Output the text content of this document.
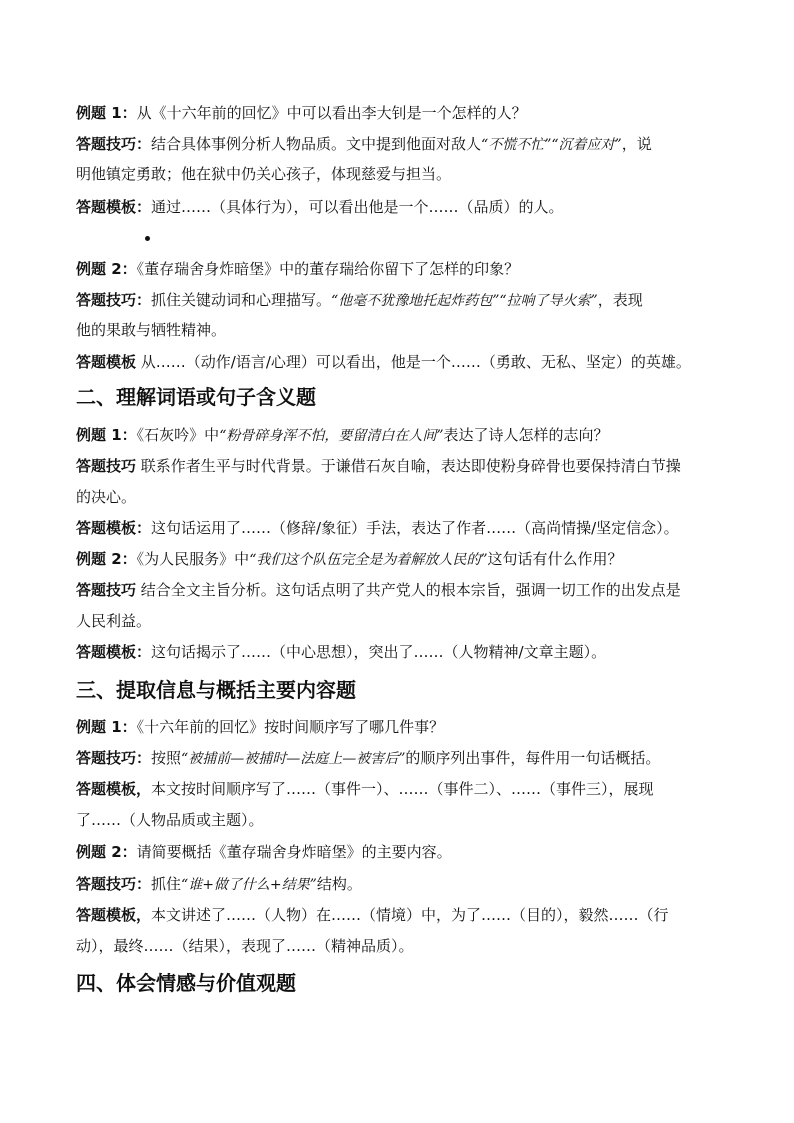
例题 1：从《十六年前的回忆》中可以看出李大钊是一个怎样的人？
答题技巧：结合具体事例分析人物品质。文中提到他面对敌人“不慌不忙”“沉着应对”，说
明他镇定勇敢；他在狱中仍关心孩子，体现慈爱与担当。
答题模板：通过……（具体行为），可以看出他是一个……（品质）的人。
例题 2：《董存瑞舍身炸暗堡》中的董存瑞给你留下了怎样的印象？
答题技巧：抓住关键动词和心理描写。“他毫不犹豫地托起炸药包”“拉响了导火索”，表现
他的果敢与牺牲精神。
答题模板 从……（动作/语言/心理）可以看出，他是一个……（勇敢、无私、坚定）的英雄。
二、理解词语或句子含义题
例题 1：《石灰吟》中“粉骨碎身浑不怕，要留清白在人间”表达了诗人怎样的志向？
答题技巧 联系作者生平与时代背景。于谦借石灰自喻，表达即使粉身碎骨也要保持清白节操
的决心。
答题模板：这句话运用了……（修辞/象征）手法，表达了作者……（高尚情操/坚定信念）。
例题 2：《为人民服务》中“我们这个队伍完全是为着解放人民的”这句话有什么作用？
答题技巧 结合全文主旨分析。这句话点明了共产党人的根本宗旨，强调一切工作的出发点是
人民利益。
答题模板：这句话揭示了……（中心思想），突出了……（人物精神/文章主题）。
三、提取信息与概括主要内容题
例题 1：《十六年前的回忆》按时间顺序写了哪几件事？
答题技巧：按照“被捕前—被捕时—法庭上—被害后”的顺序列出事件，每件用一句话概括。
答题模板，本文按时间顺序写了……（事件一）、……（事件二）、……（事件三），展现
了……（人物品质或主题）。
例题 2：请简要概括《董存瑞舍身炸暗堡》的主要内容。
答题技巧：抓住“谁+做了什么+结果”结构。
答题模板，本文讲述了……（人物）在……（情境）中，为了……（目的），毅然……（行
动），最终……（结果），表现了……（精神品质）。
四、体会情感与价值观题
